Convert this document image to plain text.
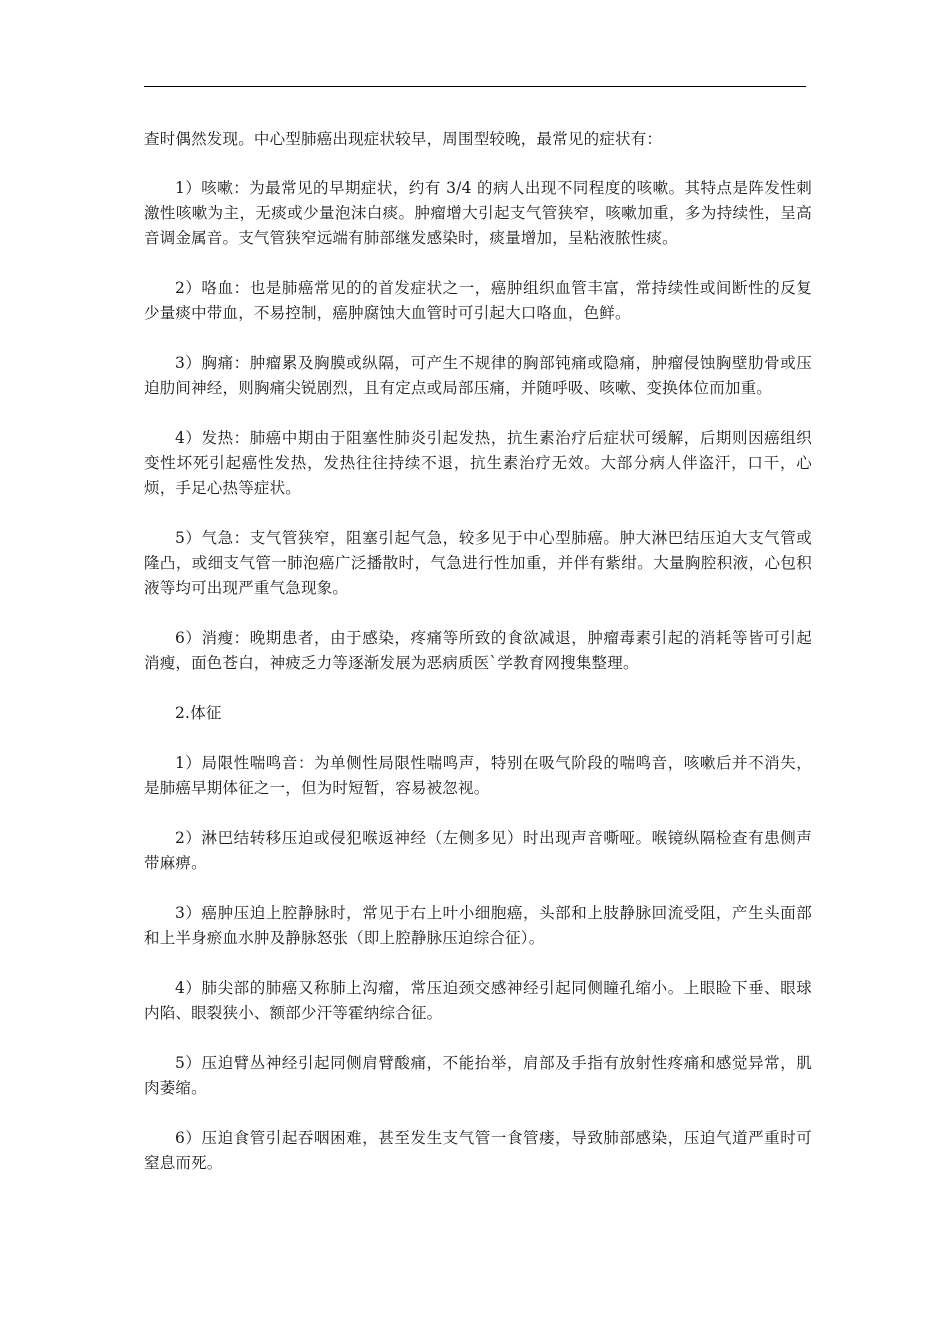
查时偶然发现。中心型肺癌出现症状较早，周围型较晚，最常见的症状有：

1）咳嗽：为最常见的早期症状，约有 3/4 的病人出现不同程度的咳嗽。其特点是阵发性刺激性咳嗽为主，无痰或少量泡沫白痰。肿瘤增大引起支气管狭窄，咳嗽加重，多为持续性，呈高音调金属音。支气管狭窄远端有肺部继发感染时，痰量增加，呈粘液脓性痰。

2）咯血：也是肺癌常见的的首发症状之一，癌肿组织血管丰富，常持续性或间断性的反复少量痰中带血，不易控制，癌肿腐蚀大血管时可引起大口咯血，色鲜。

3）胸痛：肿瘤累及胸膜或纵隔，可产生不规律的胸部钝痛或隐痛，肿瘤侵蚀胸壁肋骨或压迫肋间神经，则胸痛尖锐剧烈，且有定点或局部压痛，并随呼吸、咳嗽、变换体位而加重。

4）发热：肺癌中期由于阻塞性肺炎引起发热，抗生素治疗后症状可缓解，后期则因癌组织变性坏死引起癌性发热，发热往往持续不退，抗生素治疗无效。大部分病人伴盗汗，口干，心烦，手足心热等症状。

5）气急：支气管狭窄，阻塞引起气急，较多见于中心型肺癌。肿大淋巴结压迫大支气管或隆凸，或细支气管一肺泡癌广泛播散时，气急进行性加重，并伴有紫绀。大量胸腔积液，心包积液等均可出现严重气急现象。

6）消瘦：晚期患者，由于感染，疼痛等所致的食欲减退，肿瘤毒素引起的消耗等皆可引起消瘦，面色苍白，神疲乏力等逐渐发展为恶病质医`学教育网搜集整理。

2.体征

1）局限性喘鸣音：为单侧性局限性喘鸣声，特别在吸气阶段的喘鸣音，咳嗽后并不消失，是肺癌早期体征之一，但为时短暂，容易被忽视。

2）淋巴结转移压迫或侵犯喉返神经（左侧多见）时出现声音嘶哑。喉镜纵隔检查有患侧声带麻痹。

3）癌肿压迫上腔静脉时，常见于右上叶小细胞癌，头部和上肢静脉回流受阻，产生头面部和上半身瘀血水肿及静脉怒张（即上腔静脉压迫综合征）。

4）肺尖部的肺癌又称肺上沟瘤，常压迫颈交感神经引起同侧瞳孔缩小。上眼睑下垂、眼球内陷、眼裂狭小、额部少汗等霍纳综合征。

5）压迫臂丛神经引起同侧肩臂酸痛，不能抬举，肩部及手指有放射性疼痛和感觉异常，肌肉萎缩。

6）压迫食管引起吞咽困难，甚至发生支气管一食管瘘，导致肺部感染，压迫气道严重时可窒息而死。
